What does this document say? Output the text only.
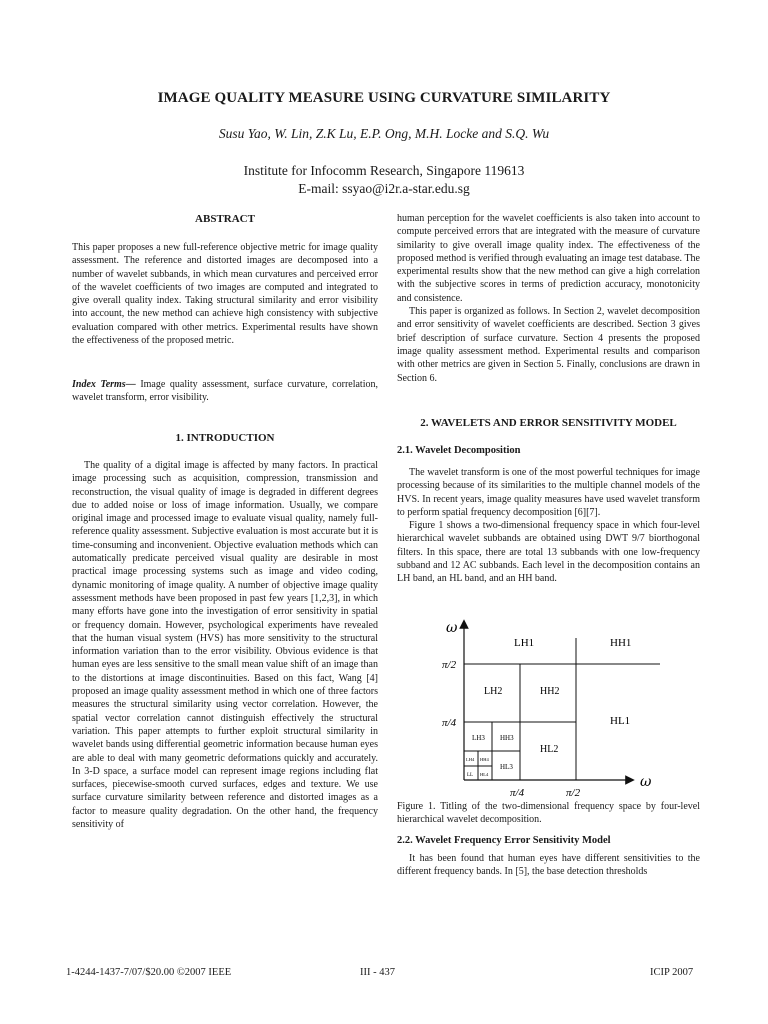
IMAGE QUALITY MEASURE USING CURVATURE SIMILARITY
Susu Yao, W. Lin, Z.K Lu, E.P. Ong, M.H. Locke and S.Q. Wu
Institute for Infocomm Research, Singapore 119613
E-mail: ssyao@i2r.a-star.edu.sg
ABSTRACT

This paper proposes a new full-reference objective metric for image quality assessment. The reference and distorted images are decomposed into a number of wavelet subbands, in which mean curvatures and perceived error of the wavelet coefficients of two images are computed and integrated to give overall quality index. Taking structural similarity and error visibility into account, the new method can achieve high consistency with subjective evaluation compared with other metrics. Experimental results have shown the effectiveness of the proposed metric.

Index Terms— Image quality assessment, surface curvature, correlation, wavelet transform, error visibility.

1. INTRODUCTION

The quality of a digital image is affected by many factors. In practical image processing such as acquisition, compression, transmission and reconstruction, the visual quality of image is degraded in different degrees due to added noise or loss of image information. Usually, we compare original image and processed image to evaluate visual quality, namely full-reference quality assessment. Subjective evaluation is most accurate but it is time-consuming and inconvenient. Objective evaluation methods which can automatically predicate perceived visual quality are desirable in most practical image processing systems such as image and video coding, dynamic monitoring of image quality. A number of objective image quality assessment methods have been proposed in past few years [1,2,3], in which many efforts have gone into the investigation of error sensitivity in spatial or frequency domain. However, psychological experiments have revealed that the human visual system (HVS) has more sensitivity to the structural information variation than to the error visibility. Obvious evidence is that human eyes are less sensitive to the small mean value shift of an image than to the distortions at image discontinuities. Based on this fact, Wang [4] proposed an image quality assessment method in which one of three factors measures the structural similarity using vector correlation. However, the spatial vector correlation cannot distinguish effectively the structural variation. This paper attempts to further exploit structural similarity in wavelet bands using differential geometric information because human eyes are able to deal with many geometric deformations quickly and accurately. In 3-D space, a surface model can represent image regions including flat surfaces, piecewise-smooth curved surfaces, edges and texture. We use surface curvature similarity between reference and distorted images as a factor to measure quality degradation. On the other hand, the frequency sensitivity of

human perception for the wavelet coefficients is also taken into account to compute perceived errors that are integrated with the measure of curvature similarity to give overall image quality index. The effectiveness of the proposed method is verified through evaluating an image test database. The experimental results show that the new method can give a high correlation with the subjective scores in terms of prediction accuracy, monotonicity and consistence.

This paper is organized as follows. In Section 2, wavelet decomposition and error sensitivity of wavelet coefficients are described. Section 3 gives brief description of surface curvature. Section 4 presents the proposed image quality assessment method. Experimental results and comparison with other metrics are given in Section 5. Finally, conclusions are drawn in Section 6.

2. WAVELETS AND ERROR SENSITIVITY MODEL
2.1. Wavelet Decomposition

The wavelet transform is one of the most powerful techniques for image processing because of its similarities to the multiple channel models of the HVS. In recent years, image quality measures have used wavelet transform to perform spatial frequency decomposition [6][7].

Figure 1 shows a two-dimensional frequency space in which four-level hierarchical wavelet subbands are obtained using DWT 9/7 biorthogonal filters. In this space, there are total 13 subbands with one low-frequency subband and 12 AC subbands. Each level in the decomposition contains an LH band, an HL band, and an HH band.

ω
ω
π/2
π/4
π/4	π/2
LH1	HH1
HL1
LH2	HH2
HL2
LH3 HH3
HL3
LH4 HH4
LL HL4

Figure 1. Titling of the two-dimensional frequency space by four-level hierarchical wavelet decomposition.

2.2. Wavelet Frequency Error Sensitivity Model

It has been found that human eyes have different sensitivities to the different frequency bands. In [5], the base detection thresholds

1-4244-1437-7/07/$20.00 ©2007 IEEE	III - 437	ICIP 2007
